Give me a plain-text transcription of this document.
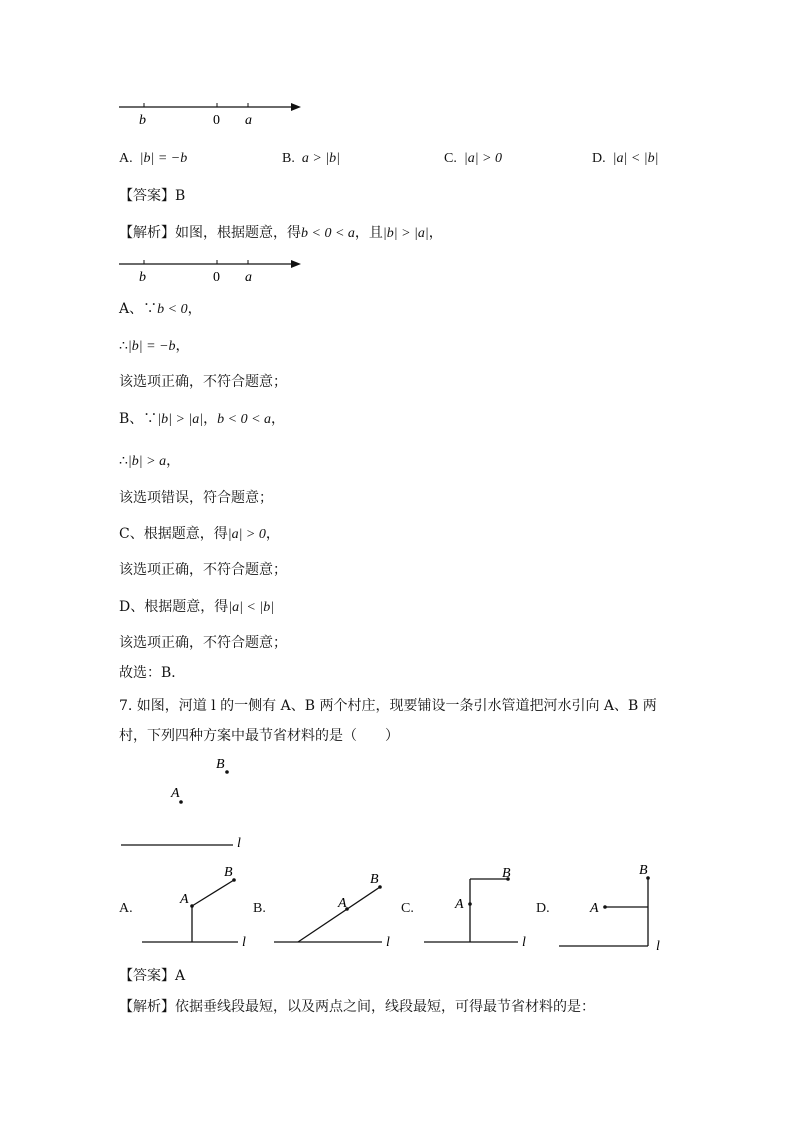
b	0 a
A. |b| = −b	B. a > |b|	C. |a| > 0	D. |a| < |b|
【答案】B
【解析】如图，根据题意，得b < 0 < a，且|b| > |a|，
b	0 a
A、∵b < 0，
∴|b| = −b，
该选项正确，不符合题意；
B、∵|b| > |a|，b < 0 < a，
∴|b| > a，
该选项错误，符合题意；
C、根据题意，得|a| > 0，
该选项正确，不符合题意；
D、根据题意，得|a| < |b|
该选项正确，不符合题意；
故选：B．
7. 如图，河道 l 的一侧有 A、B 两个村庄，现要铺设一条引水管道把河水引向 A、B 两
村，下列四种方案中最节省材料的是（　　）
B
A
l
A.
l
A
B
B.
l
A
B
C.
l
A
B
D.
l
A
B
【答案】A
【解析】依据垂线段最短，以及两点之间，线段最短，可得最节省材料的是：
